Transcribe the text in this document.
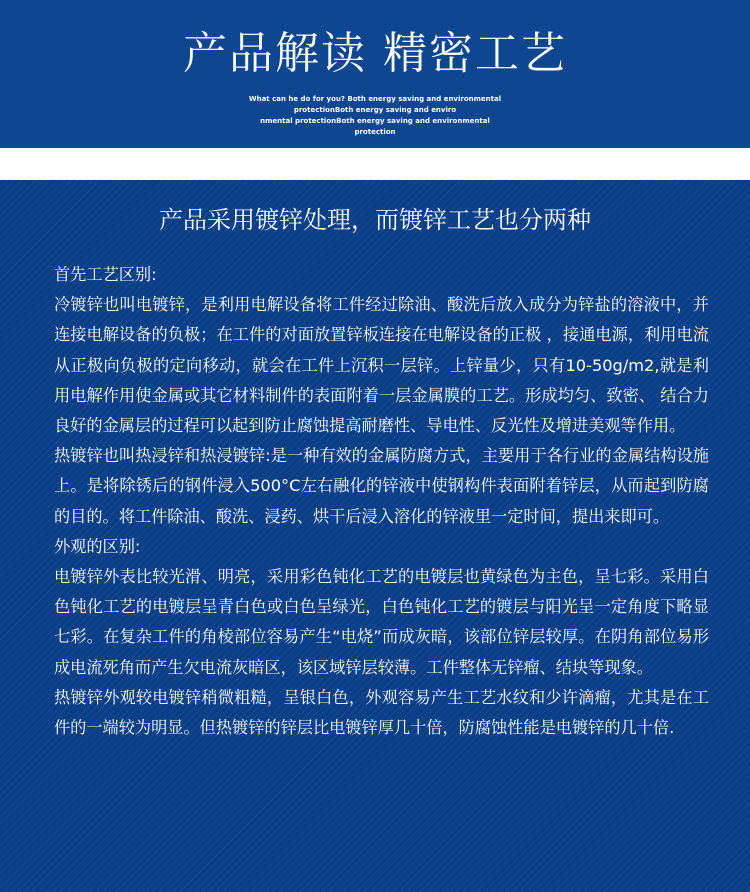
产品解读 精密工艺
What can he do for you? Both energy saving and environmental
protectionBoth energy saving and enviro
nmental protectionBoth energy saving and environmental protection
产品采用镀锌处理，而镀锌工艺也分两种

首先工艺区别:

冷镀锌也叫电镀锌，是利用电解设备将工件经过除油、酸洗后放入成分为锌盐的溶液中，并连接电解设备的负极；在工件的对面放置锌板连接在电解设备的正极 ，接通电源，利用电流从正极向负极的定向移动，就会在工件上沉积一层锌。上锌量少，只有10-50g/m2,就是利用电解作用使金属或其它材料制件的表面附着一层金属膜的工艺。形成均匀、致密、 结合力良好的金属层的过程可以起到防止腐蚀提高耐磨性、导电性、反光性及增进美观等作用。

热镀锌也叫热浸锌和热浸镀锌:是一种有效的金属防腐方式，主要用于各行业的金属结构设施上。是将除锈后的钢件浸入500°C左右融化的锌液中使钢构件表面附着锌层，从而起到防腐的目的。将工件除油、酸洗、浸药、烘干后浸入溶化的锌液里一定时间，提出来即可。

外观的区别:

电镀锌外表比较光滑、明亮，采用彩色钝化工艺的电镀层也黄绿色为主色，呈七彩。采用白色钝化工艺的电镀层呈青白色或白色呈绿光，白色钝化工艺的镀层与阳光呈一定角度下略显七彩。在复杂工件的角棱部位容易产生“电烧”而成灰暗，该部位锌层较厚。在阴角部位易形成电流死角而产生欠电流灰暗区，该区域锌层较薄。工件整体无锌瘤、结块等现象。

热镀锌外观较电镀锌稍微粗糙，呈银白色，外观容易产生工艺水纹和少许滴瘤，尤其是在工件的一端较为明显。但热镀锌的锌层比电镀锌厚几十倍，防腐蚀性能是电镀锌的几十倍.
